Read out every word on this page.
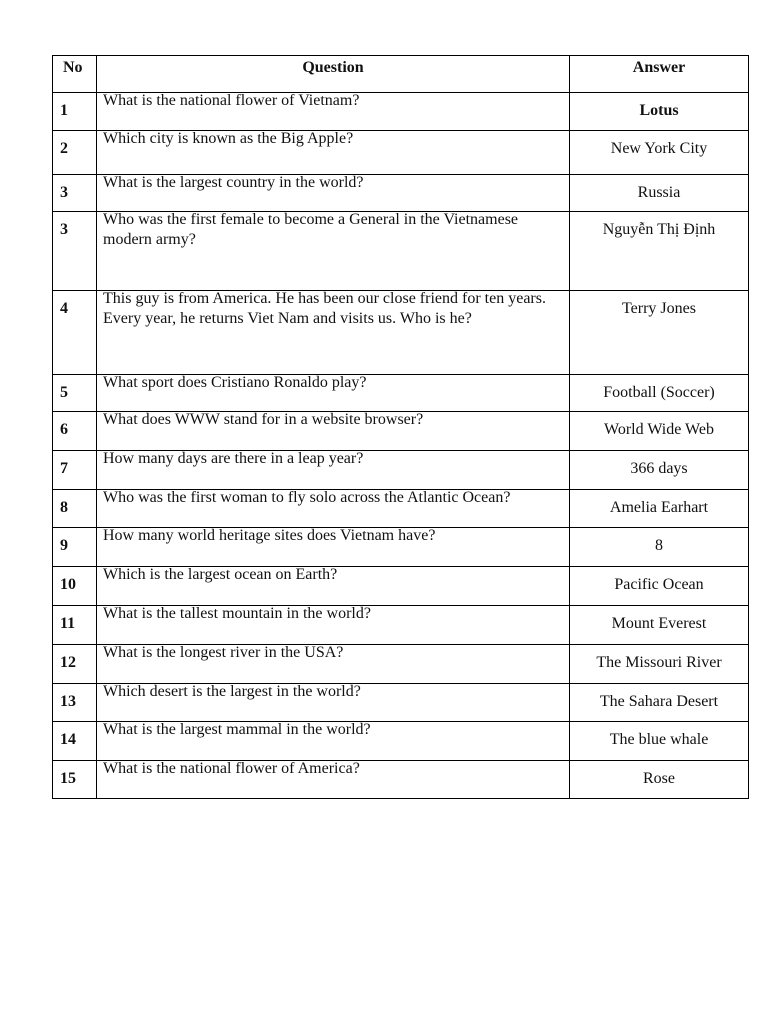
No	Question	Answer
1	What is the national flower of Vietnam?	Lotus
2	Which city is known as the Big Apple?	New York City
3	What is the largest country in the world?	Russia
3	Who was the first female to become a General in the Vietnamese modern army?	Nguyễn Thị Định
4	This guy is from America. He has been our close friend for ten years. Every year, he returns Viet Nam and visits us. Who is he?	Terry Jones
5	What sport does Cristiano Ronaldo play?	Football (Soccer)
6	What does WWW stand for in a website browser?	World Wide Web
7	How many days are there in a leap year?	366 days
8	Who was the first woman to fly solo across the Atlantic Ocean?	Amelia Earhart
9	How many world heritage sites does Vietnam have?	8
10	Which is the largest ocean on Earth?	Pacific Ocean
11	What is the tallest mountain in the world?	Mount Everest
12	What is the longest river in the USA?	The Missouri River
13	Which desert is the largest in the world?	The Sahara Desert
14	What is the largest mammal in the world?	The blue whale
15	What is the national flower of America?	Rose
